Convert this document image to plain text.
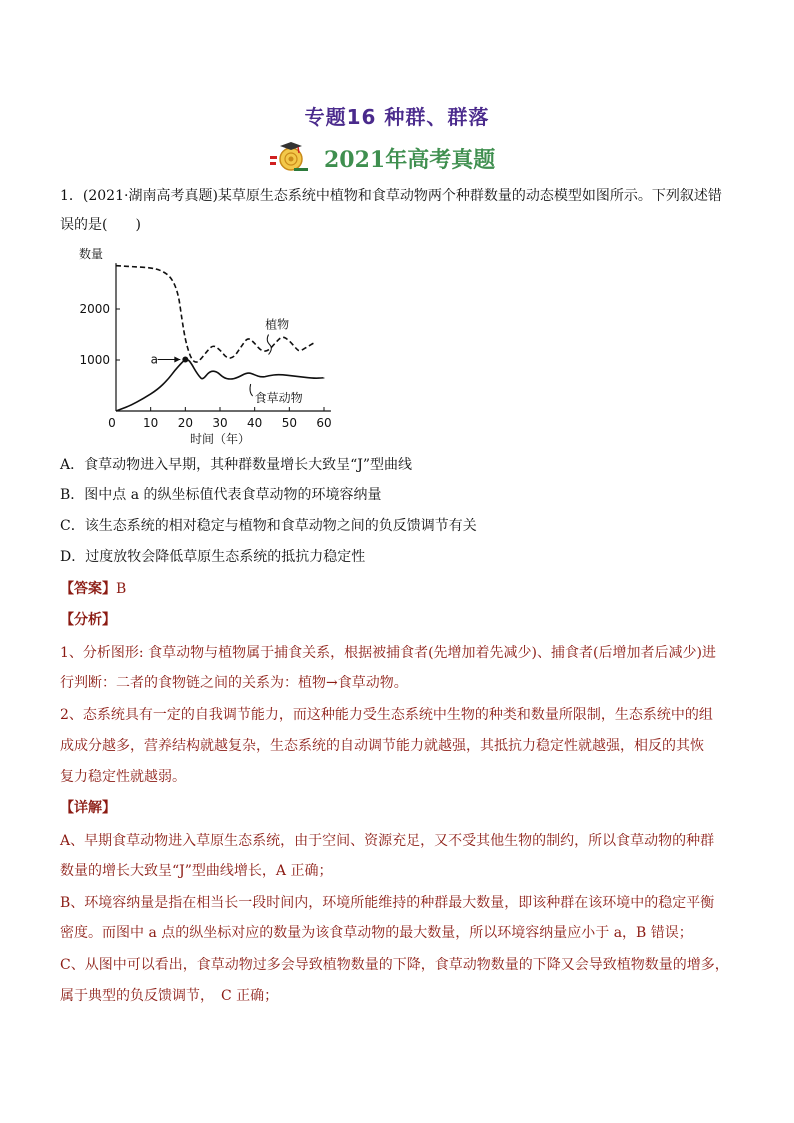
专题16 种群、群落
2021年高考真题
1．(2021·湖南高考真题)某草原生态系统中植物和食草动物两个种群数量的动态模型如图所示。下列叙述错
误的是(　　)
0 10 20 30 40 50 60
1000
2000
数量
时间（年）
植物
食草动物
a
A．食草动物进入早期，其种群数量增长大致呈“J”型曲线
B．图中点 a 的纵坐标值代表食草动物的环境容纳量
C．该生态系统的相对稳定与植物和食草动物之间的负反馈调节有关
D．过度放牧会降低草原生态系统的抵抗力稳定性
【答案】B
【分析】
1、分析图形: 食草动物与植物属于捕食关系，根据被捕食者(先增加着先减少)、捕食者(后增加者后减少)进
行判断：二者的食物链之间的关系为：植物→食草动物。
2、态系统具有一定的自我调节能力，而这种能力受生态系统中生物的种类和数量所限制，生态系统中的组
成成分越多，营养结构就越复杂，生态系统的自动调节能力就越强，其抵抗力稳定性就越强，相反的其恢
复力稳定性就越弱。
【详解】
A、早期食草动物进入草原生态系统，由于空间、资源充足，又不受其他生物的制约，所以食草动物的种群
数量的增长大致呈“J”型曲线增长，A 正确；
B、环境容纳量是指在相当长一段时间内，环境所能维持的种群最大数量，即该种群在该环境中的稳定平衡
密度。而图中 a 点的纵坐标对应的数量为该食草动物的最大数量，所以环境容纳量应小于 a，B 错误；
C、从图中可以看出，食草动物过多会导致植物数量的下降，食草动物数量的下降又会导致植物数量的增多，
属于典型的负反馈调节，　C 正确；
